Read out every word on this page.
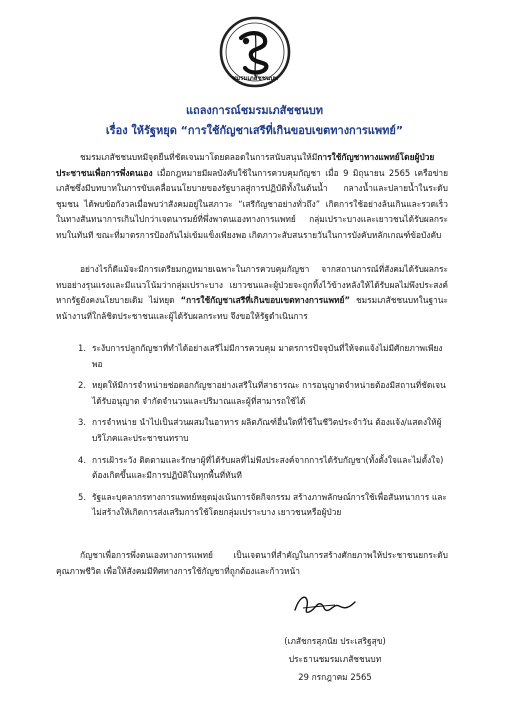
ชมรมเภสัชชนบท
แถลงการณ์ชมรมเภสัชชนบท
เรื่อง ให้รัฐหยุด “การใช้กัญชาเสรีที่เกินขอบเขตทางการแพทย์”

ชมรมเภสัชชนบทมีจุดยืนที่ชัดเจนมาโดยตลอดในการสนับสนุนให้มีการใช้กัญชาทางแพทย์โดยผู้ป่วยประชาชนเพื่อการพึ่งตนเอง เมื่อกฎหมายมีผลบังคับใช้ในการควบคุมกัญชา เมื่อ 9 มิถุนายน 2565 เครือข่ายเภสัชซึ่งมีบทบาทในการขับเคลื่อนนโยบายของรัฐบาลสู่การปฏิบัติทั้งในต้นน้ำ กลางน้ำและปลายน้ำในระดับชุมชน ได้พบข้อกังวลเมื่อพบว่าสังคมอยู่ในสภาวะ “เสรีกัญชาอย่างทั่วถึง” เกิดการใช้อย่างล้นเกินและรวดเร็วในทางสันทนาการเกินไปกว่าเจตนารมย์ที่พึ่งพาตนเองทางการแพทย์ กลุ่มเปราะบางและเยาวชนได้รับผลกระทบในทันที ขณะที่มาตรการป้องกันไม่เข้มแข็งเพียงพอ เกิดภาวะสับสนรายวันในการบังคับหลักเกณฑ์ข้อบังคับ

อย่างไรก็ดีแม้จะมีการเตรียมกฎหมายเฉพาะในการควบคุมกัญชา จากสถานการณ์ที่สังคมได้รับผลกระทบอย่างรุนแรงและมีแนวโน้มว่ากลุ่มเปราะบาง เยาวชนและผู้ป่วยจะถูกทิ้งไว้ข้างหลังให้ได้รับผลไม่พึงประสงค์หากรัฐยังคงนโยบายเดิม ไม่หยุด “การใช้กัญชาเสรีที่เกินขอบเขตทางการแพทย์” ชมรมเภสัชชนบทในฐานะหน้างานที่ใกล้ชิดประชาชนและผู้ได้รับผลกระทบ จึงขอให้รัฐดำเนินการ

1. ระงับการปลูกกัญชาที่ทำได้อย่างเสรีไม่มีการควบคุม มาตรการปัจจุบันที่ให้จดแจ้งไม่มีศักยภาพเพียงพอ
2. หยุดให้มีการจำหน่ายช่อดอกกัญชาอย่างเสรีในที่สาธารณะ การอนุญาตจำหน่ายต้องมีสถานที่ชัดเจน ได้รับอนุญาต จำกัดจำนวนและปริมาณและผู้ที่สามารถใช้ได้
3. การจำหน่าย นำไปเป็นส่วนผสมในอาหาร ผลิตภัณฑ์อื่นใดที่ใช้ในชีวิตประจำวัน ต้องแจ้ง/แสดงให้ผู้บริโภคและประชาชนทราบ
4. การเฝ้าระวัง ติดตามและรักษาผู้ที่ได้รับผลที่ไม่พึงประสงค์จากการได้รับกัญชา(ทั้งตั้งใจและไม่ตั้งใจ) ต้องเกิดขึ้นและมีการปฏิบัติในทุกพื้นที่ทันที
5. รัฐและบุคลากรทางการแพทย์หยุดมุ่งเน้นการจัดกิจกรรม สร้างภาพลักษณ์การใช้เพื่อสันทนาการ และไม่สร้างให้เกิดการส่งเสริมการใช้โดยกลุ่มเปราะบาง เยาวชนหรือผู้ป่วย

กัญชาเพื่อการพึ่งตนเองทางการแพทย์ เป็นเจตนาที่สำคัญในการสร้างศักยภาพให้ประชาชนยกระดับคุณภาพชีวิต เพื่อให้สังคมมีทิศทางการใช้กัญชาที่ถูกต้องและก้าวหน้า

(เภสัชกรสุภนัย ประเสริฐสุข)
ประธานชมรมเภสัชชนบท
29 กรกฎาคม 2565
